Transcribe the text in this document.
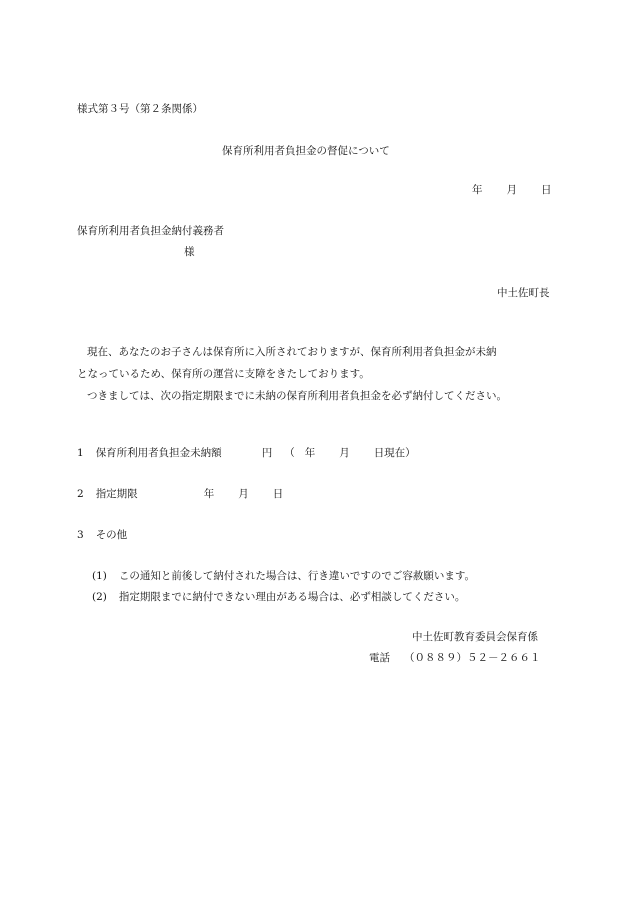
様式第３号（第２条関係）
保育所利用者負担金の督促について
年 月 日
保育所利用者負担金納付義務者
様
中土佐町長

現在、あなたのお子さんは保育所に入所されておりますが、保育所利用者負担金が未納

となっているため、保育所の運営に支障をきたしております。

つきましては、次の指定期限までに未納の保育所利用者負担金を必ず納付してください。

1 保育所利用者負担金未納額	円 （ 年 月 日現在）
2 指定期限	年 月 日
3 その他
(1) この通知と前後して納付された場合は、行き違いですのでご容赦願います。
(2) 指定期限までに納付できない理由がある場合は、必ず相談してください。
中土佐町教育委員会保育係
電話 （０８８９）５２－２６６１
